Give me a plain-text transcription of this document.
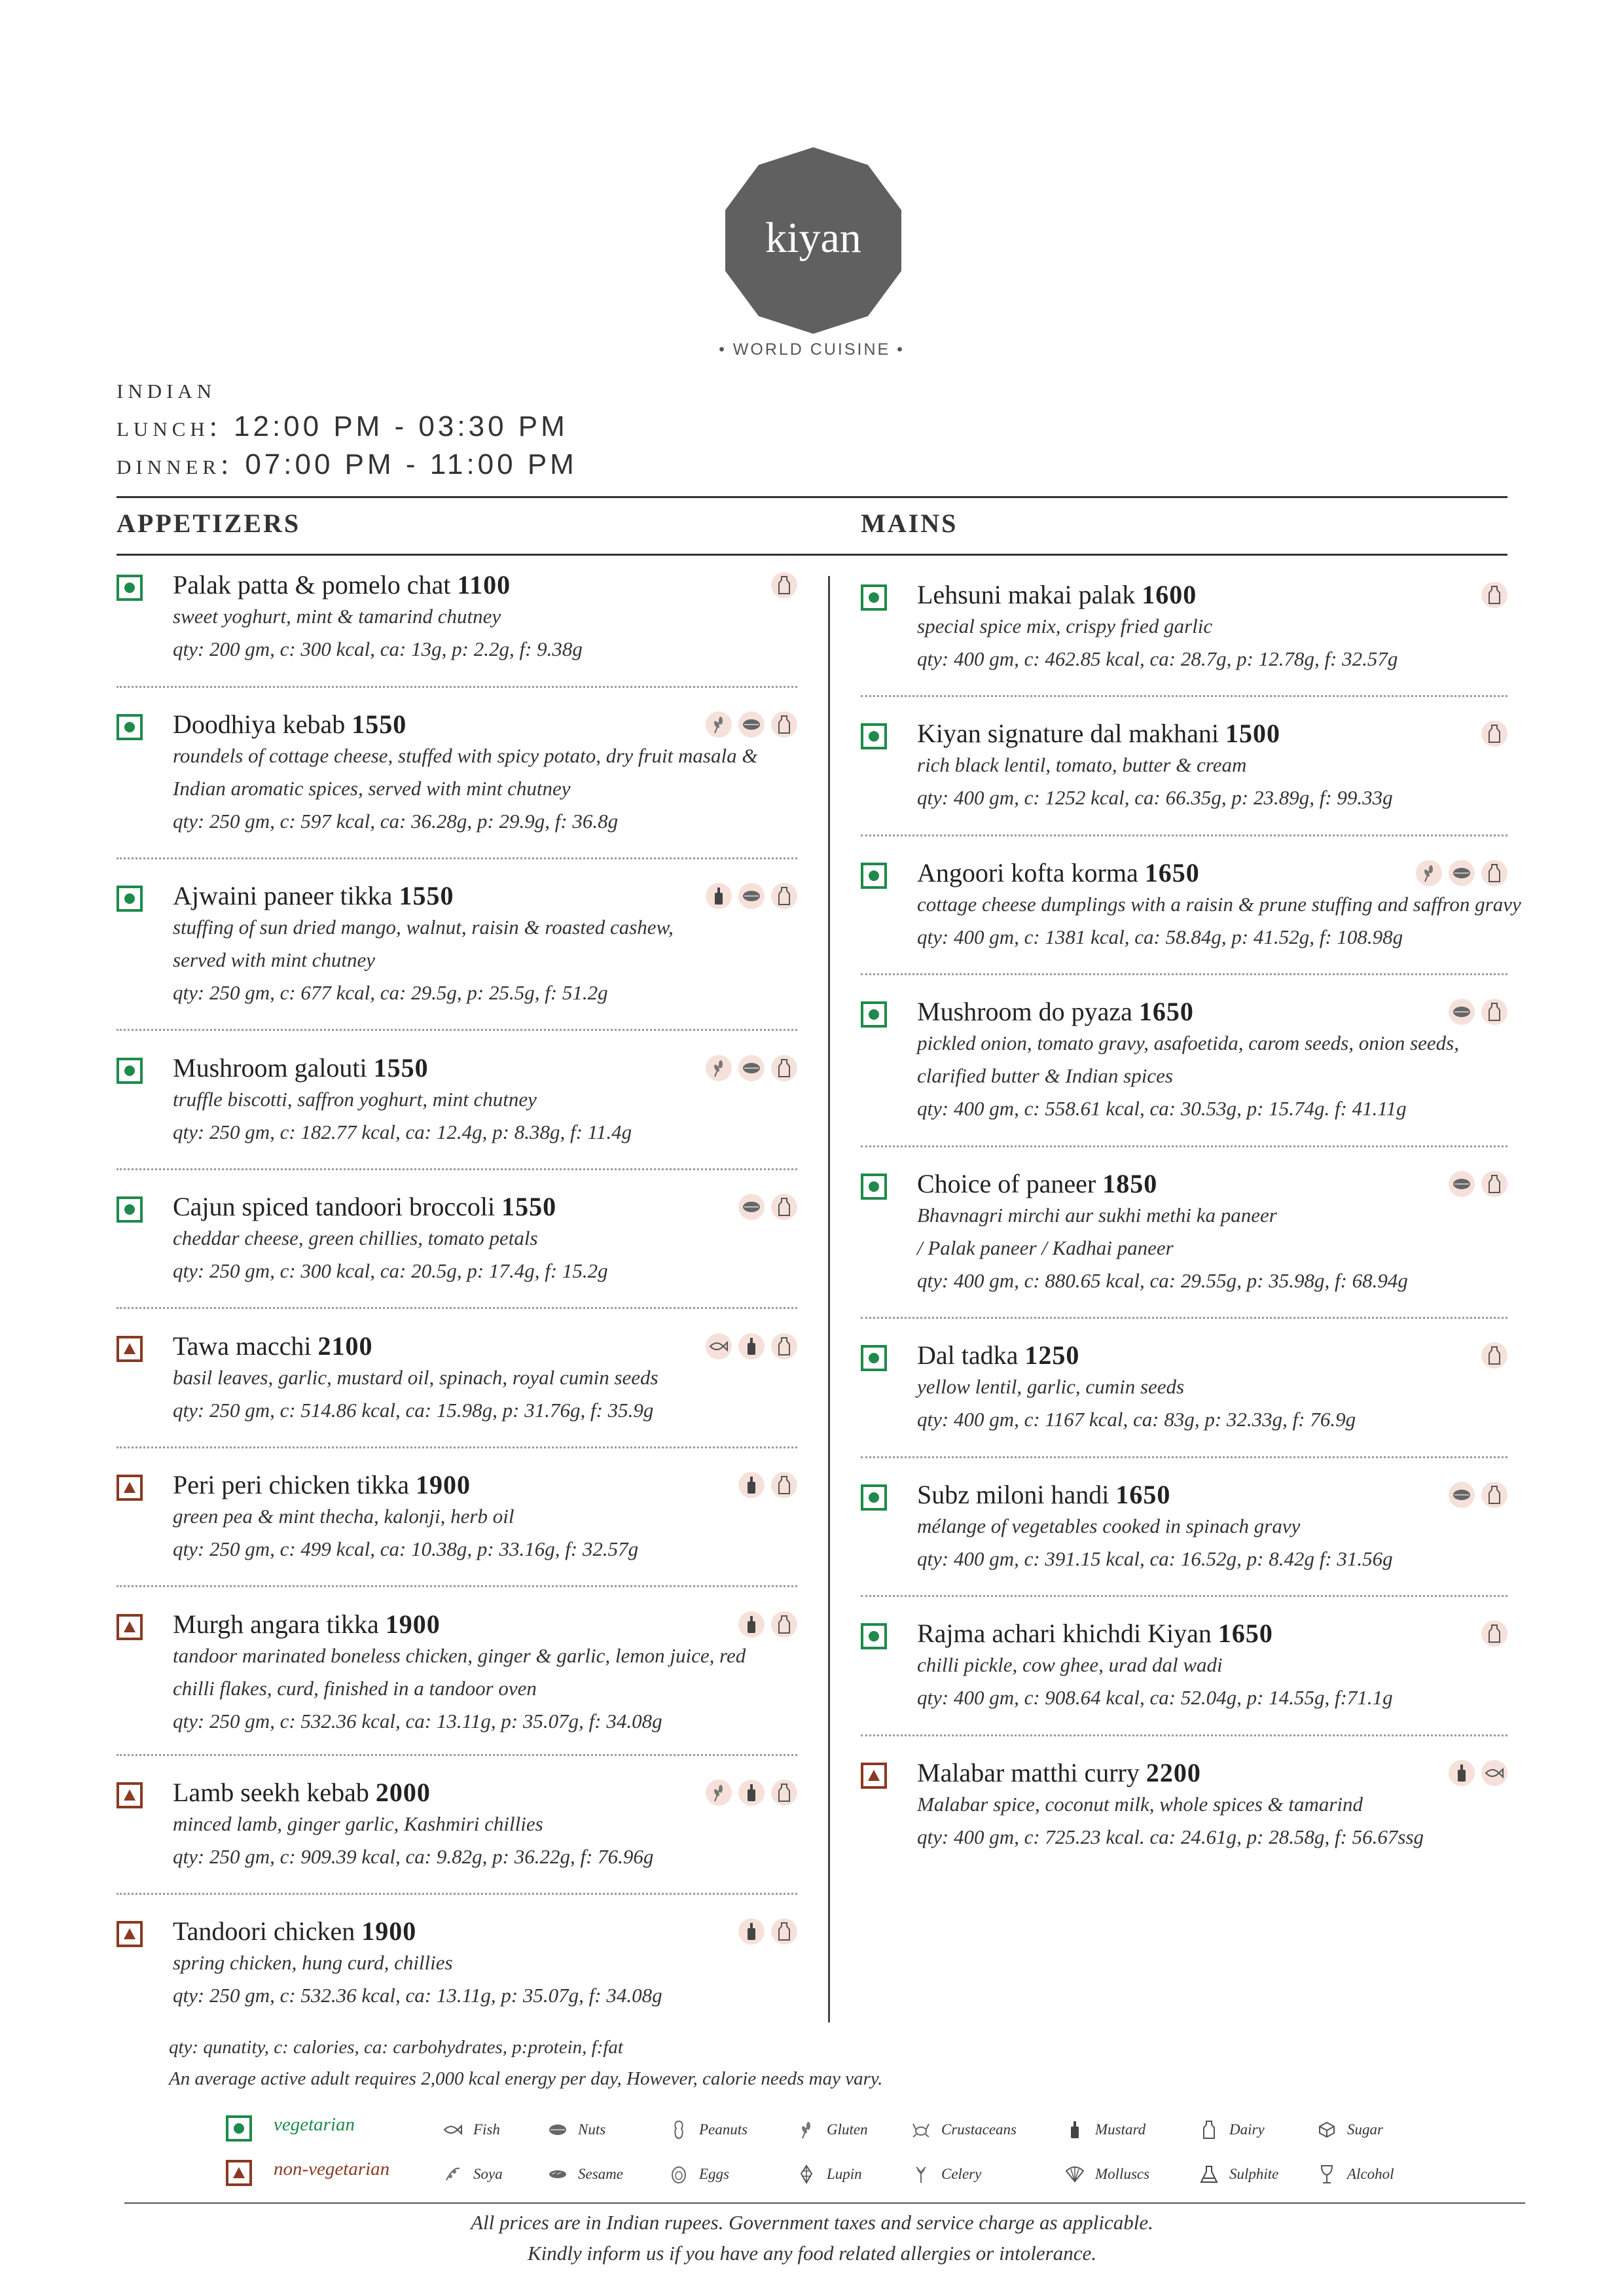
kiyan
• WORLD CUISINE •
indian
lunch: 12:00 PM - 03:30 PM
dinner: 07:00 PM - 11:00 PM
APPETIZERS	MAINS
Palak patta & pomelo chat 1100
sweet yoghurt, mint & tamarind chutney
qty: 200 gm, c: 300 kcal, ca: 13g, p: 2.2g, f: 9.38g
Doodhiya kebab 1550
roundels of cottage cheese, stuffed with spicy potato, dry fruit masala &
Indian aromatic spices, served with mint chutney
qty: 250 gm, c: 597 kcal, ca: 36.28g, p: 29.9g, f: 36.8g
Ajwaini paneer tikka 1550
stuffing of sun dried mango, walnut, raisin & roasted cashew,
served with mint chutney
qty: 250 gm, c: 677 kcal, ca: 29.5g, p: 25.5g, f: 51.2g
Mushroom galouti 1550
truffle biscotti, saffron yoghurt, mint chutney
qty: 250 gm, c: 182.77 kcal, ca: 12.4g, p: 8.38g, f: 11.4g
Cajun spiced tandoori broccoli 1550
cheddar cheese, green chillies, tomato petals
qty: 250 gm, c: 300 kcal, ca: 20.5g, p: 17.4g, f: 15.2g
Tawa macchi 2100
basil leaves, garlic, mustard oil, spinach, royal cumin seeds
qty: 250 gm, c: 514.86 kcal, ca: 15.98g, p: 31.76g, f: 35.9g
Peri peri chicken tikka 1900
green pea & mint thecha, kalonji, herb oil
qty: 250 gm, c: 499 kcal, ca: 10.38g, p: 33.16g, f: 32.57g
Murgh angara tikka 1900
tandoor marinated boneless chicken, ginger & garlic, lemon juice, red
chilli flakes, curd, finished in a tandoor oven
qty: 250 gm, c: 532.36 kcal, ca: 13.11g, p: 35.07g, f: 34.08g
Lamb seekh kebab 2000
minced lamb, ginger garlic, Kashmiri chillies
qty: 250 gm, c: 909.39 kcal, ca: 9.82g, p: 36.22g, f: 76.96g
Tandoori chicken 1900
spring chicken, hung curd, chillies
qty: 250 gm, c: 532.36 kcal, ca: 13.11g, p: 35.07g, f: 34.08g
Lehsuni makai palak 1600
special spice mix, crispy fried garlic
qty: 400 gm, c: 462.85 kcal, ca: 28.7g, p: 12.78g, f: 32.57g
Kiyan signature dal makhani 1500
rich black lentil, tomato, butter & cream
qty: 400 gm, c: 1252 kcal, ca: 66.35g, p: 23.89g, f: 99.33g
Angoori kofta korma 1650
cottage cheese dumplings with a raisin & prune stuffing and saffron gravy
qty: 400 gm, c: 1381 kcal, ca: 58.84g, p: 41.52g, f: 108.98g
Mushroom do pyaza 1650
pickled onion, tomato gravy, asafoetida, carom seeds, onion seeds,
clarified butter & Indian spices
qty: 400 gm, c: 558.61 kcal, ca: 30.53g, p: 15.74g. f: 41.11g
Choice of paneer 1850
Bhavnagri mirchi aur sukhi methi ka paneer
/ Palak paneer / Kadhai paneer
qty: 400 gm, c: 880.65 kcal, ca: 29.55g, p: 35.98g, f: 68.94g
Dal tadka 1250
yellow lentil, garlic, cumin seeds
qty: 400 gm, c: 1167 kcal, ca: 83g, p: 32.33g, f: 76.9g
Subz miloni handi 1650
mélange of vegetables cooked in spinach gravy
qty: 400 gm, c: 391.15 kcal, ca: 16.52g, p: 8.42g f: 31.56g
Rajma achari khichdi Kiyan 1650
chilli pickle, cow ghee, urad dal wadi
qty: 400 gm, c: 908.64 kcal, ca: 52.04g, p: 14.55g, f:71.1g
Malabar matthi curry 2200
Malabar spice, coconut milk, whole spices & tamarind
qty: 400 gm, c: 725.23 kcal. ca: 24.61g, p: 28.58g, f: 56.67ssg
qty: qunatity, c: calories, ca: carbohydrates, p:protein, f:fat
An average active adult requires 2,000 kcal energy per day, However, calorie needs may vary.
vegetarian
non-vegetarian
Fish	Nuts	Peanuts	Gluten	Crustaceans	Mustard	Dairy	Sugar
Soya	Sesame	Eggs	Lupin	Celery	Molluscs	Sulphite	Alcohol
All prices are in Indian rupees. Government taxes and service charge as applicable.
Kindly inform us if you have any food related allergies or intolerance.
